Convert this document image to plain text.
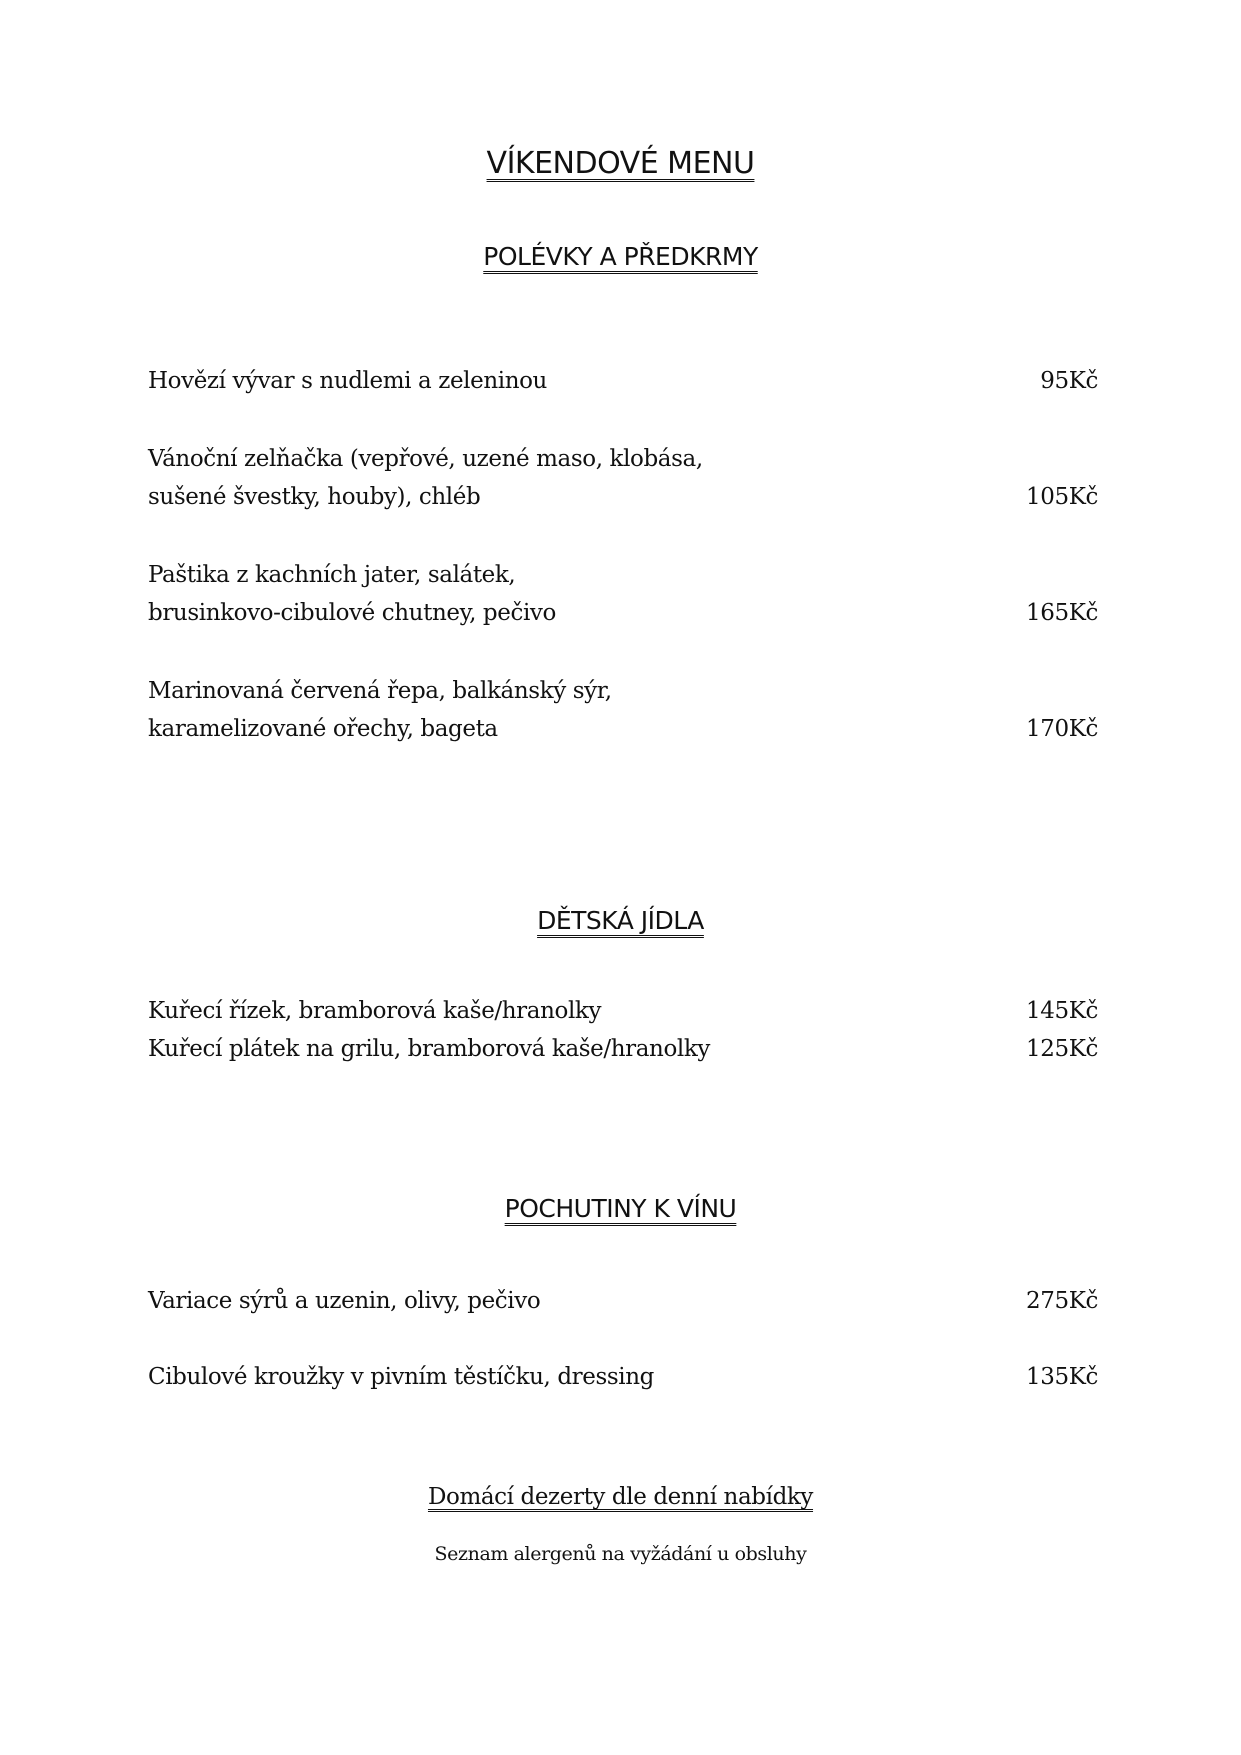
VÍKENDOVÉ MENU
POLÉVKY A PŘEDKRMY
Hovězí vývar s nudlemi a zeleninou	95Kč
Vánoční zelňačka (vepřové, uzené maso, klobása, sušené švestky, houby), chléb	105Kč
Paštika z kachních jater, salátek, brusinkovo-cibulové chutney, pečivo	165Kč
Marinovaná červená řepa, balkánský sýr, karamelizované ořechy, bageta	170Kč
DĚTSKÁ JÍDLA
Kuřecí řízek, bramborová kaše/hranolky	145Kč
Kuřecí plátek na grilu, bramborová kaše/hranolky	125Kč
POCHUTINY K VÍNU
Variace sýrů a uzenin, olivy, pečivo	275Kč
Cibulové kroužky v pivním těstíčku, dressing	135Kč
Domácí dezerty dle denní nabídky
Seznam alergenů na vyžádání u obsluhy
